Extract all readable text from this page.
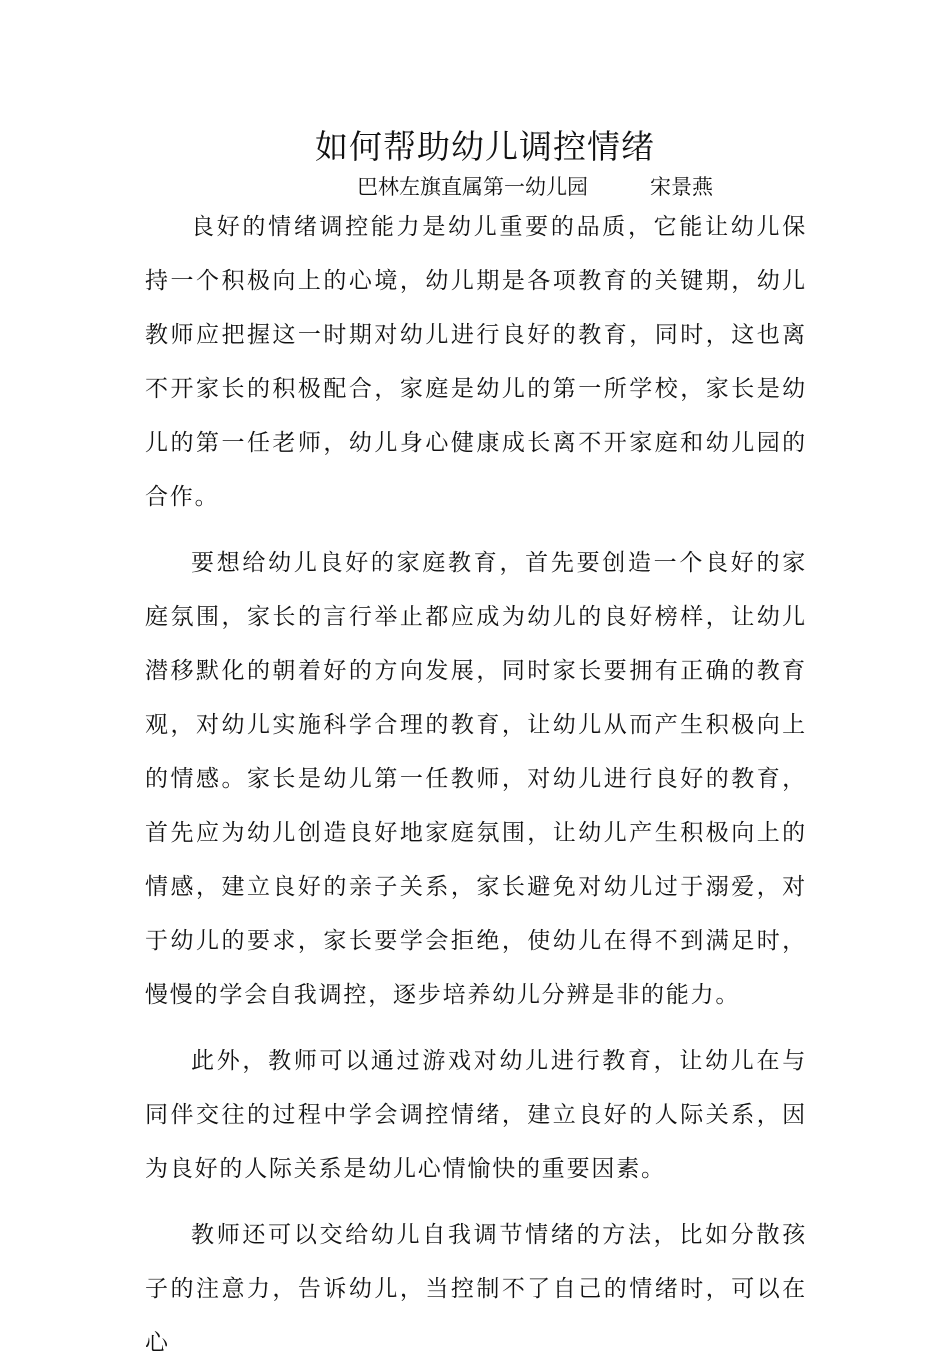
如何帮助幼儿调控情绪
巴林左旗直属第一幼儿园	宋景燕

良好的情绪调控能力是幼儿重要的品质，它能让幼儿保持一个积极向上的心境，幼儿期是各项教育的关键期，幼儿教师应把握这一时期对幼儿进行良好的教育，同时，这也离不开家长的积极配合，家庭是幼儿的第一所学校，家长是幼儿的第一任老师，幼儿身心健康成长离不开家庭和幼儿园的合作。

要想给幼儿良好的家庭教育，首先要创造一个良好的家庭氛围，家长的言行举止都应成为幼儿的良好榜样，让幼儿潜移默化的朝着好的方向发展，同时家长要拥有正确的教育观，对幼儿实施科学合理的教育，让幼儿从而产生积极向上的情感。家长是幼儿第一任教师，对幼儿进行良好的教育，首先应为幼儿创造良好地家庭氛围，让幼儿产生积极向上的情感，建立良好的亲子关系，家长避免对幼儿过于溺爱，对于幼儿的要求，家长要学会拒绝，使幼儿在得不到满足时，慢慢的学会自我调控，逐步培养幼儿分辨是非的能力。

此外，教师可以通过游戏对幼儿进行教育，让幼儿在与同伴交往的过程中学会调控情绪，建立良好的人际关系，因为良好的人际关系是幼儿心情愉快的重要因素。

教师还可以交给幼儿自我调节情绪的方法，比如分散孩子的注意力，告诉幼儿，当控制不了自己的情绪时，可以在心
